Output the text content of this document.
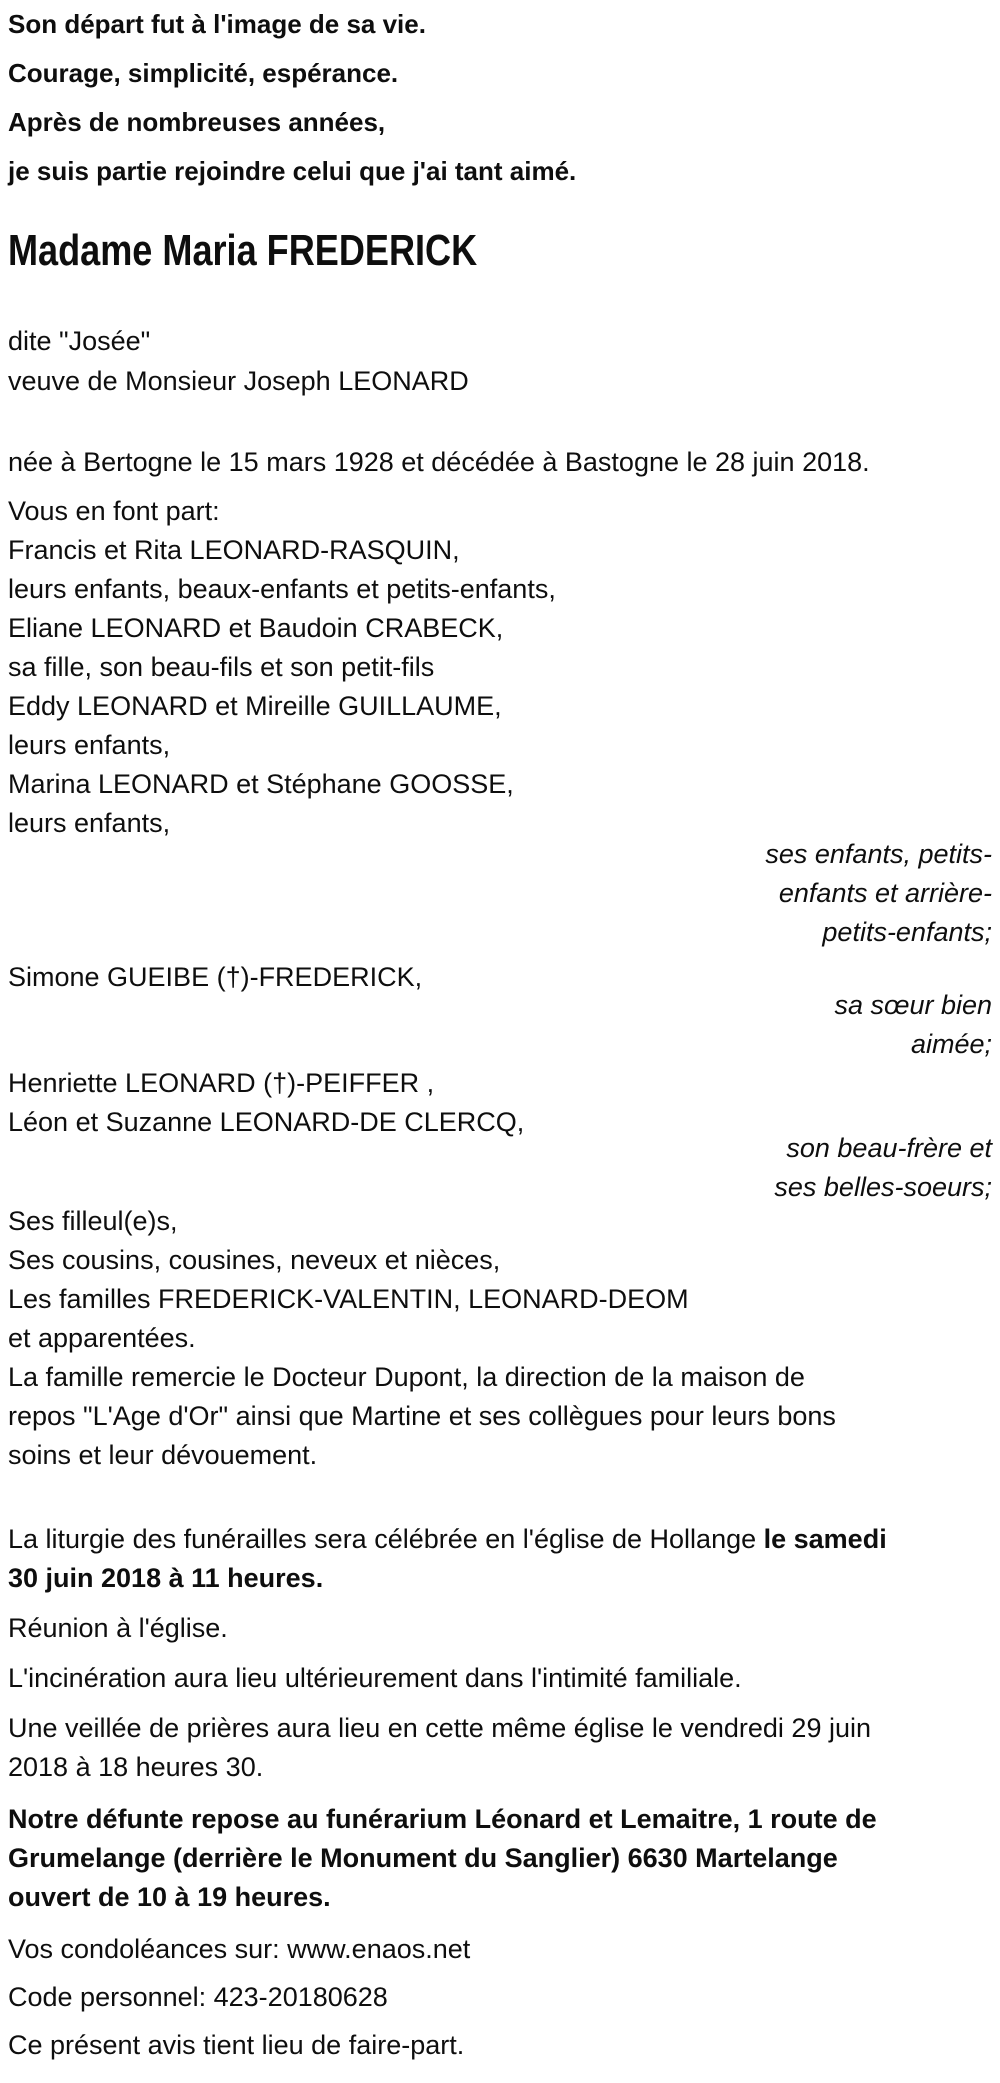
Son départ fut à l'image de sa vie.
Courage, simplicité, espérance.
Après de nombreuses années,
je suis partie rejoindre celui que j'ai tant aimé.
Madame Maria FREDERICK
dite "Josée"
veuve de Monsieur Joseph LEONARD
née à Bertogne le 15 mars 1928 et décédée à Bastogne le 28 juin 2018.
Vous en font part:
Francis et Rita LEONARD-RASQUIN,
leurs enfants, beaux-enfants et petits-enfants,
Eliane LEONARD et Baudoin CRABECK,
sa fille, son beau-fils et son petit-fils
Eddy LEONARD et Mireille GUILLAUME,
leurs enfants,
Marina LEONARD et Stéphane GOOSSE,
leurs enfants,
ses enfants, petits-
enfants et arrière-
petits-enfants;
Simone GUEIBE (†)-FREDERICK,
sa sœur bien
aimée;
Henriette LEONARD (†)-PEIFFER ,
Léon et Suzanne LEONARD-DE CLERCQ,
son beau-frère et
ses belles-soeurs;
Ses filleul(e)s,
Ses cousins, cousines, neveux et nièces,
Les familles FREDERICK-VALENTIN, LEONARD-DEOM
et apparentées.
La famille remercie le Docteur Dupont, la direction de la maison de
repos "L'Age d'Or" ainsi que Martine et ses collègues pour leurs bons
soins et leur dévouement.
La liturgie des funérailles sera célébrée en l'église de Hollange le samedi
30 juin 2018 à 11 heures.
Réunion à l'église.
L'incinération aura lieu ultérieurement dans l'intimité familiale.
Une veillée de prières aura lieu en cette même église le vendredi 29 juin
2018 à 18 heures 30.
Notre défunte repose au funérarium Léonard et Lemaitre, 1 route de
Grumelange (derrière le Monument du Sanglier) 6630 Martelange
ouvert de 10 à 19 heures.
Vos condoléances sur: www.enaos.net
Code personnel: 423-20180628
Ce présent avis tient lieu de faire-part.
